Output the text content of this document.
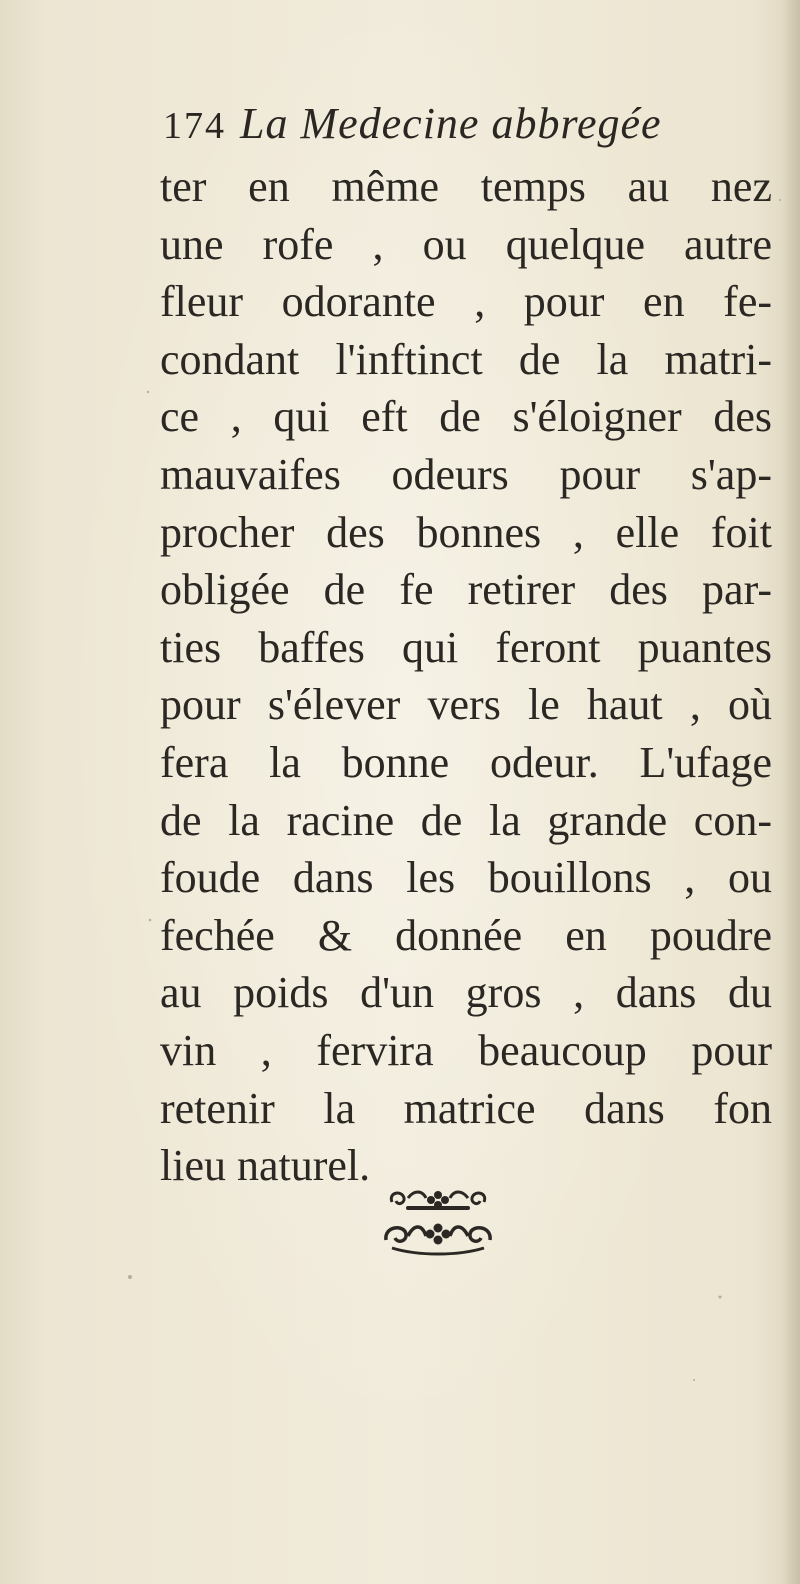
174 La Medecine abbregée
ter en même temps au nez
une rofe , ou quelque autre
fleur odorante , pour en fe-
condant l'inftinct de la matri-
ce , qui eft de s'éloigner des
mauvaifes odeurs pour s'ap-
procher des bonnes , elle foit
obligée de fe retirer des par-
ties baffes qui feront puantes
pour s'élever vers le haut , où
fera la bonne odeur. L'ufage
de la racine de la grande con-
foude dans les bouillons , ou
fechée & donnée en poudre
au poids d'un gros , dans du
vin , fervira beaucoup pour
retenir la matrice dans fon
lieu naturel.
